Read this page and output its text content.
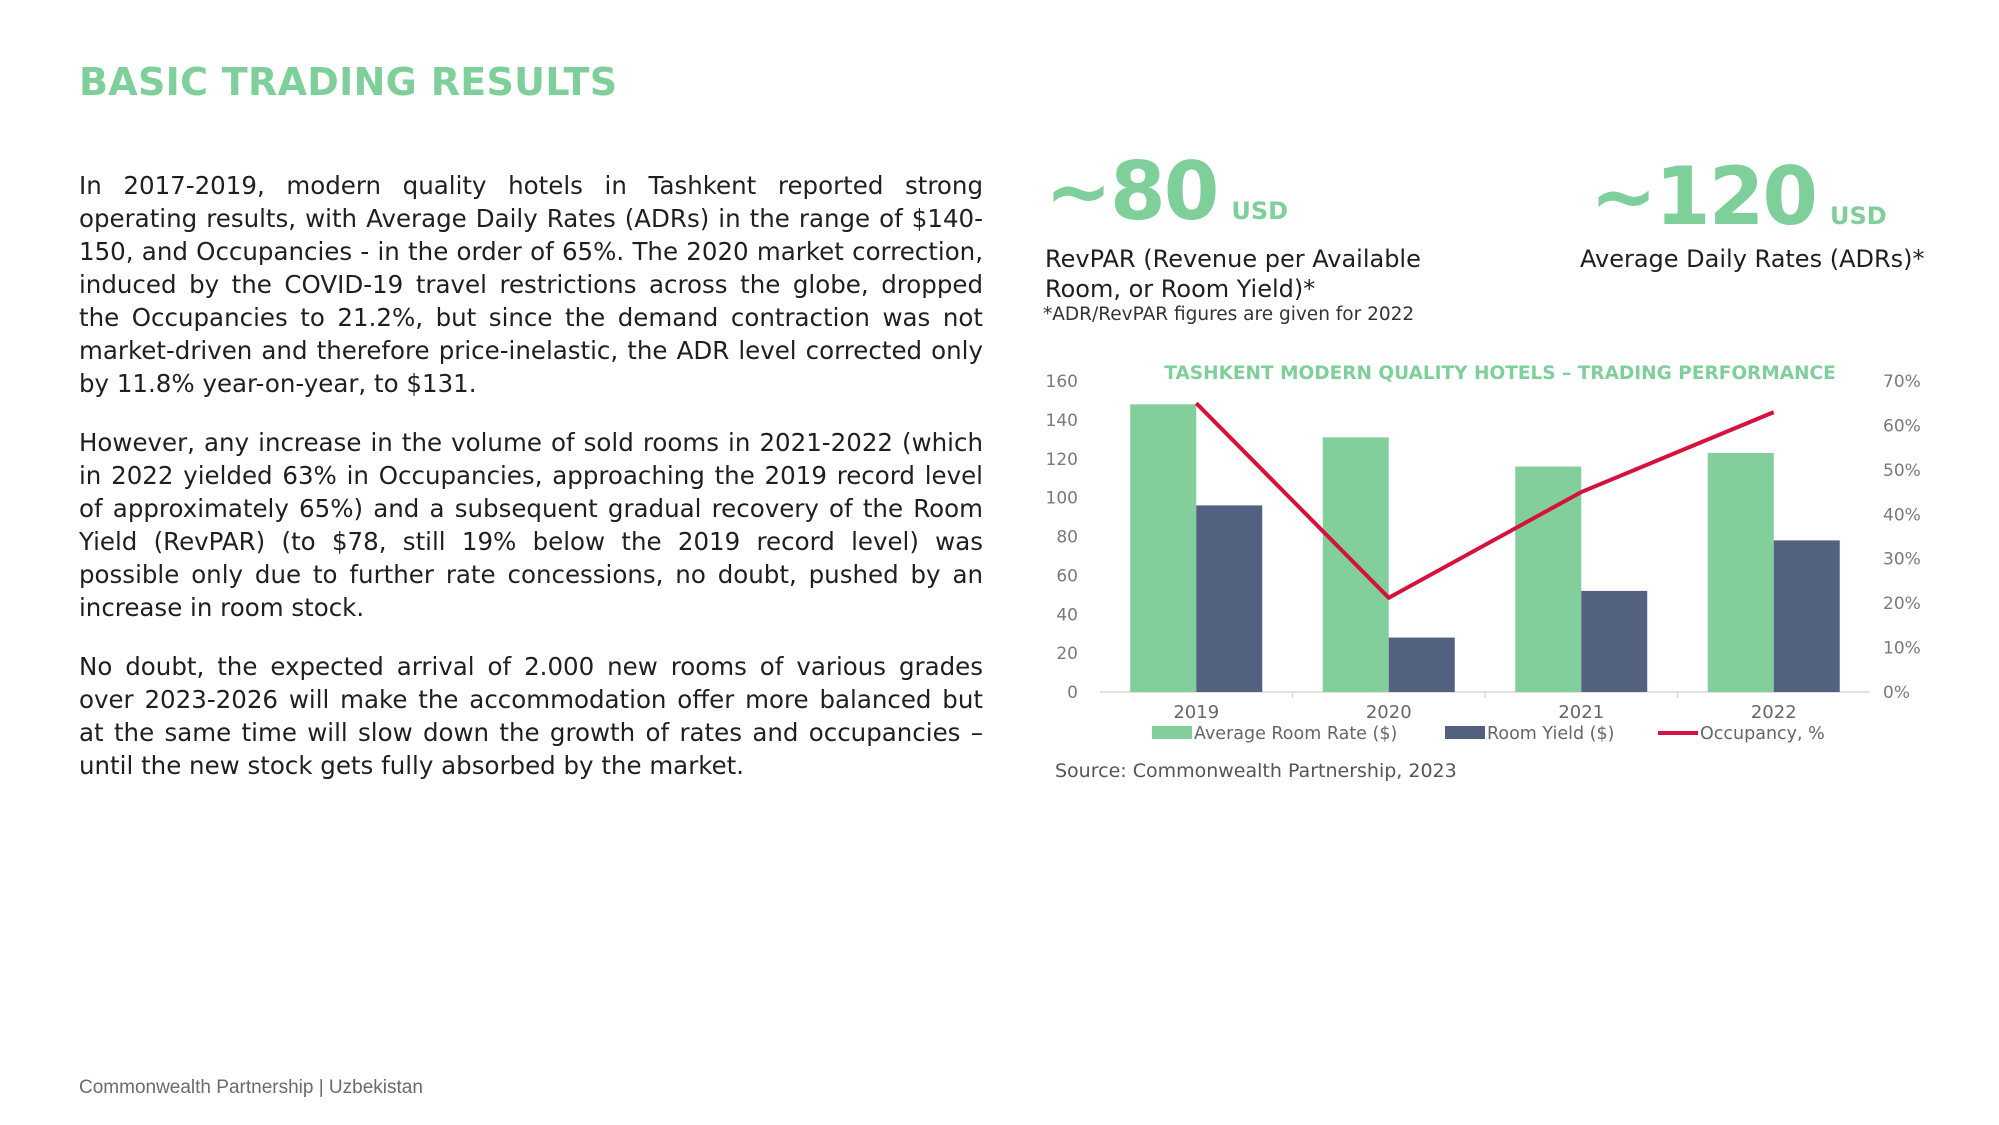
BASIC TRADING RESULTS

In 2017-2019, modern quality hotels in Tashkent reported strong operating results, with Average Daily Rates (ADRs) in the range of $140-150, and Occupancies - in the order of 65%. The 2020 market correction, induced by the COVID-19 travel restrictions across the globe, dropped the Occupancies to 21.2%, but since the demand contraction was not market-driven and therefore price-inelastic, the ADR level corrected only by 11.8% year-on-year, to $131.

However, any increase in the volume of sold rooms in 2021-2022 (which in 2022 yielded 63% in Occupancies, approaching the 2019 record level of approximately 65%) and a subsequent gradual recovery of the Room Yield (RevPAR) (to $78, still 19% below the 2019 record level) was possible only due to further rate concessions, no doubt, pushed by an increase in room stock.

No doubt, the expected arrival of 2.000 new rooms of various grades over 2023-2026 will make the accommodation offer more balanced but at the same time will slow down the growth of rates and occupancies – until the new stock gets fully absorbed by the market.

~80 USD
RevPAR (Revenue per Available
Room, or Room Yield)*
~120 USD
Average Daily Rates (ADRs)*
*ADR/RevPAR figures are given for 2022
TASHKENT MODERN QUALITY HOTELS – TRADING PERFORMANCE
0
20
40
60
80
100
120
140
160
0%
10%
20%
30%
40%
50%
60%
70%
2019	2020	2021	2022
Average Room Rate ($)	Room Yield ($)	Occupancy, %
Source: Commonwealth Partnership, 2023
Commonwealth Partnership | Uzbekistan
